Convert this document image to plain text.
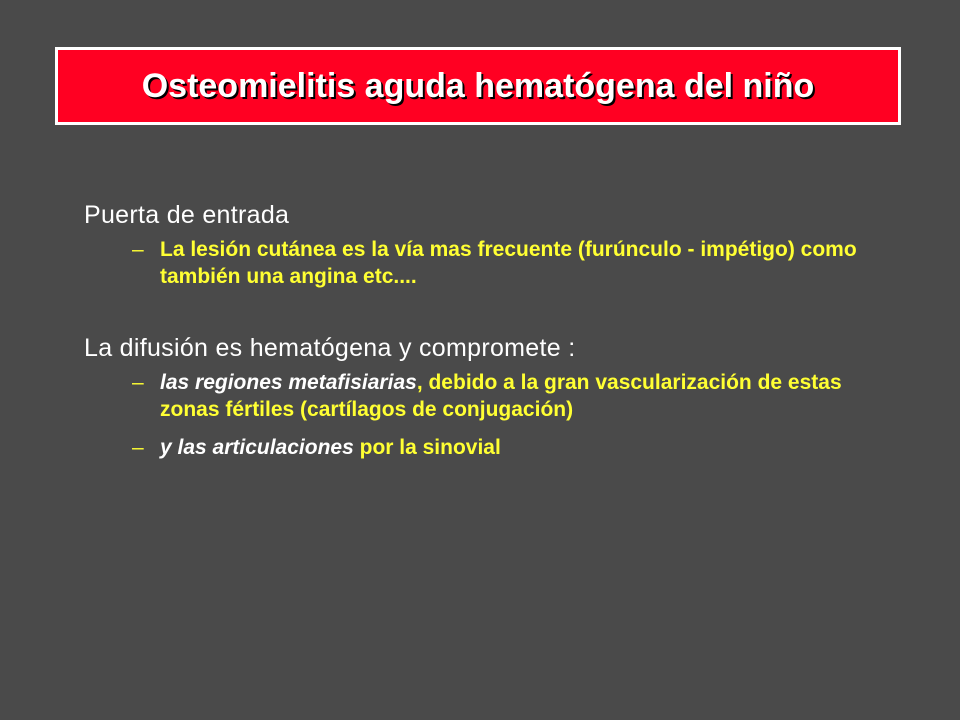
Osteomielitis aguda hematógena del niño
Puerta de entrada
– La lesión cutánea es la vía mas frecuente (furúnculo - impétigo) como también una angina etc....
La difusión es hematógena y compromete :
– las regiones metafisiarias, debido a la gran vascularización de estas zonas fértiles (cartílagos de conjugación)
– y las articulaciones por la sinovial
